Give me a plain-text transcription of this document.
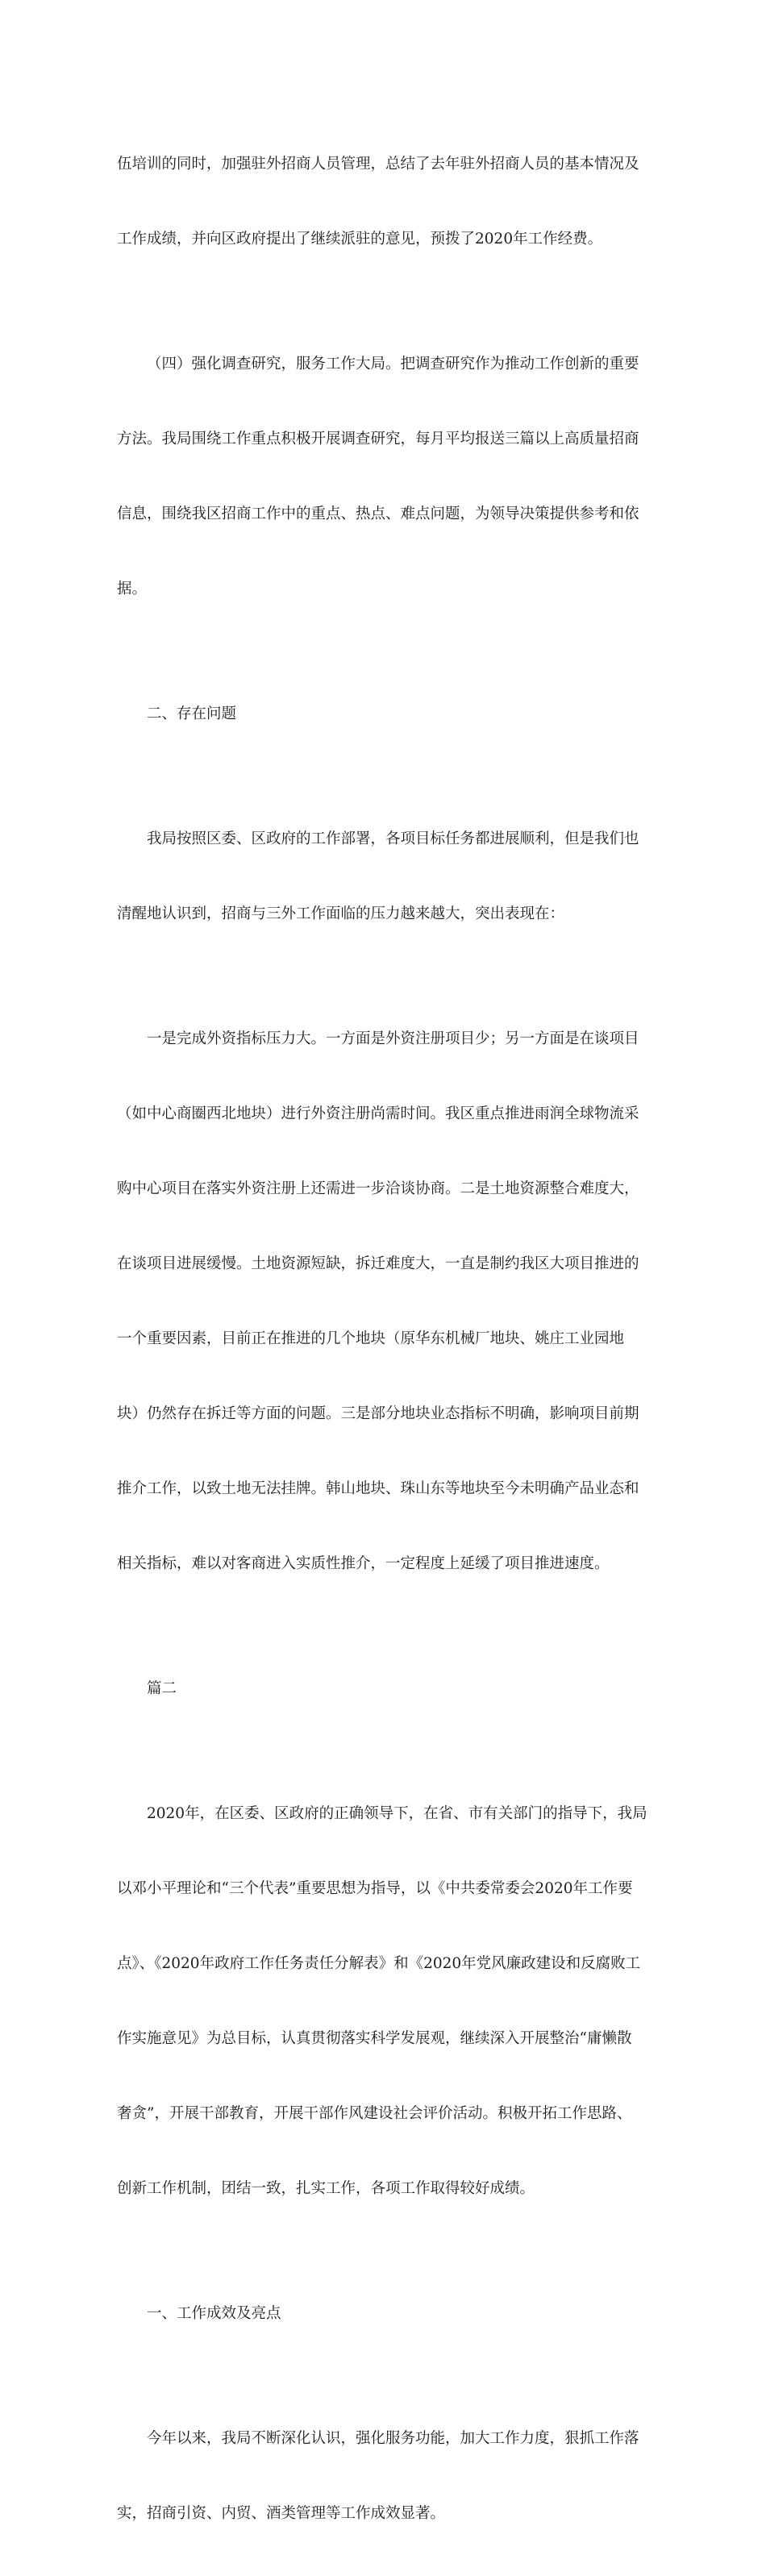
伍培训的同时，加强驻外招商人员管理，总结了去年驻外招商人员的基本情况及

工作成绩，并向区政府提出了继续派驻的意见，预拨了2020年工作经费。

（四）强化调查研究，服务工作大局。把调查研究作为推动工作创新的重要

方法。我局围绕工作重点积极开展调查研究，每月平均报送三篇以上高质量招商

信息，围绕我区招商工作中的重点、热点、难点问题，为领导决策提供参考和依

据。

二、存在问题

我局按照区委、区政府的工作部署，各项目标任务都进展顺利，但是我们也

清醒地认识到，招商与三外工作面临的压力越来越大，突出表现在：

一是完成外资指标压力大。一方面是外资注册项目少；另一方面是在谈项目

（如中心商圈西北地块）进行外资注册尚需时间。我区重点推进雨润全球物流采

购中心项目在落实外资注册上还需进一步洽谈协商。二是土地资源整合难度大，

在谈项目进展缓慢。土地资源短缺，拆迁难度大，一直是制约我区大项目推进的

一个重要因素，目前正在推进的几个地块（原华东机械厂地块、姚庄工业园地

块）仍然存在拆迁等方面的问题。三是部分地块业态指标不明确，影响项目前期

推介工作，以致土地无法挂牌。韩山地块、珠山东等地块至今未明确产品业态和

相关指标，难以对客商进入实质性推介，一定程度上延缓了项目推进速度。

篇二

2020年，在区委、区政府的正确领导下，在省、市有关部门的指导下，我局

以邓小平理论和“三个代表”重要思想为指导，以《中共委常委会2020年工作要

点》、《2020年政府工作任务责任分解表》和《2020年党风廉政建设和反腐败工

作实施意见》为总目标，认真贯彻落实科学发展观，继续深入开展整治“庸懒散

奢贪”，开展干部教育，开展干部作风建设社会评价活动。积极开拓工作思路、

创新工作机制，团结一致，扎实工作，各项工作取得较好成绩。

一、工作成效及亮点

今年以来，我局不断深化认识，强化服务功能，加大工作力度，狠抓工作落

实，招商引资、内贸、酒类管理等工作成效显著。
